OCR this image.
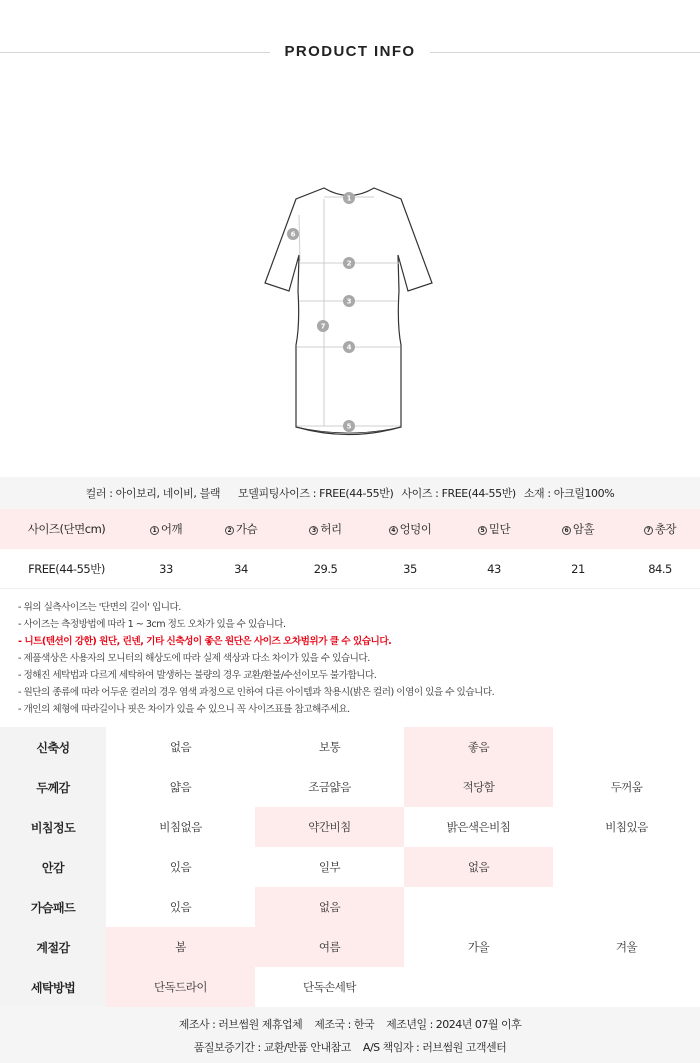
PRODUCT INFO
1
2
3
4
5
6
7
컬러 : 아이보리, 네이비, 블랙 모델피팅사이즈 : FREE(44-55반) 사이즈 : FREE(44-55반) 소재 : 아크릴100%
사이즈(단면cm)	1 어깨	2 가슴	3 허리	4 엉덩이	5 밑단	6 암홀	7 총장
FREE(44-55반)	33	34	29.5	35	43	21	84.5
- 위의 실측사이즈는 '단면의 길이' 입니다.
- 사이즈는 측정방법에 따라 1 ~ 3cm 정도 오차가 있을 수 있습니다.
- 니트(텐션이 강한) 원단, 린넨, 기타 신축성이 좋은 원단은 사이즈 오차범위가 클 수 있습니다.
- 제품색상은 사용자의 모니터의 해상도에 따라 실제 색상과 다소 차이가 있을 수 있습니다.
- 정해진 세탁법과 다르게 세탁하여 발생하는 불량의 경우 교환/환불/수선이모두 불가합니다.
- 원단의 종류에 따라 어두운 컬러의 경우 염색 과정으로 인하여 다른 아이템과 착용시(밝은 컬러) 이염이 있을 수 있습니다.
- 개인의 체형에 따라길이나 핏은 차이가 있을 수 있으니 꼭 사이즈표를 참고해주세요.
신축성	없음	보통	좋음
두께감	얇음	조금얇음	적당함	두꺼움
비침정도	비침없음	약간비침	밝은색은비침	비침있음
안감	있음	일부	없음
가슴패드	있음	없음
계절감	봄	여름	가을	겨울
세탁방법	단독드라이	단독손세탁
제조사 : 러브썸원 제휴업체    제조국 : 한국    제조년일 : 2024년 07월 이후
품질보증기간 : 교환/반품 안내참고    A/S 책임자 : 러브썸원 고객센터
